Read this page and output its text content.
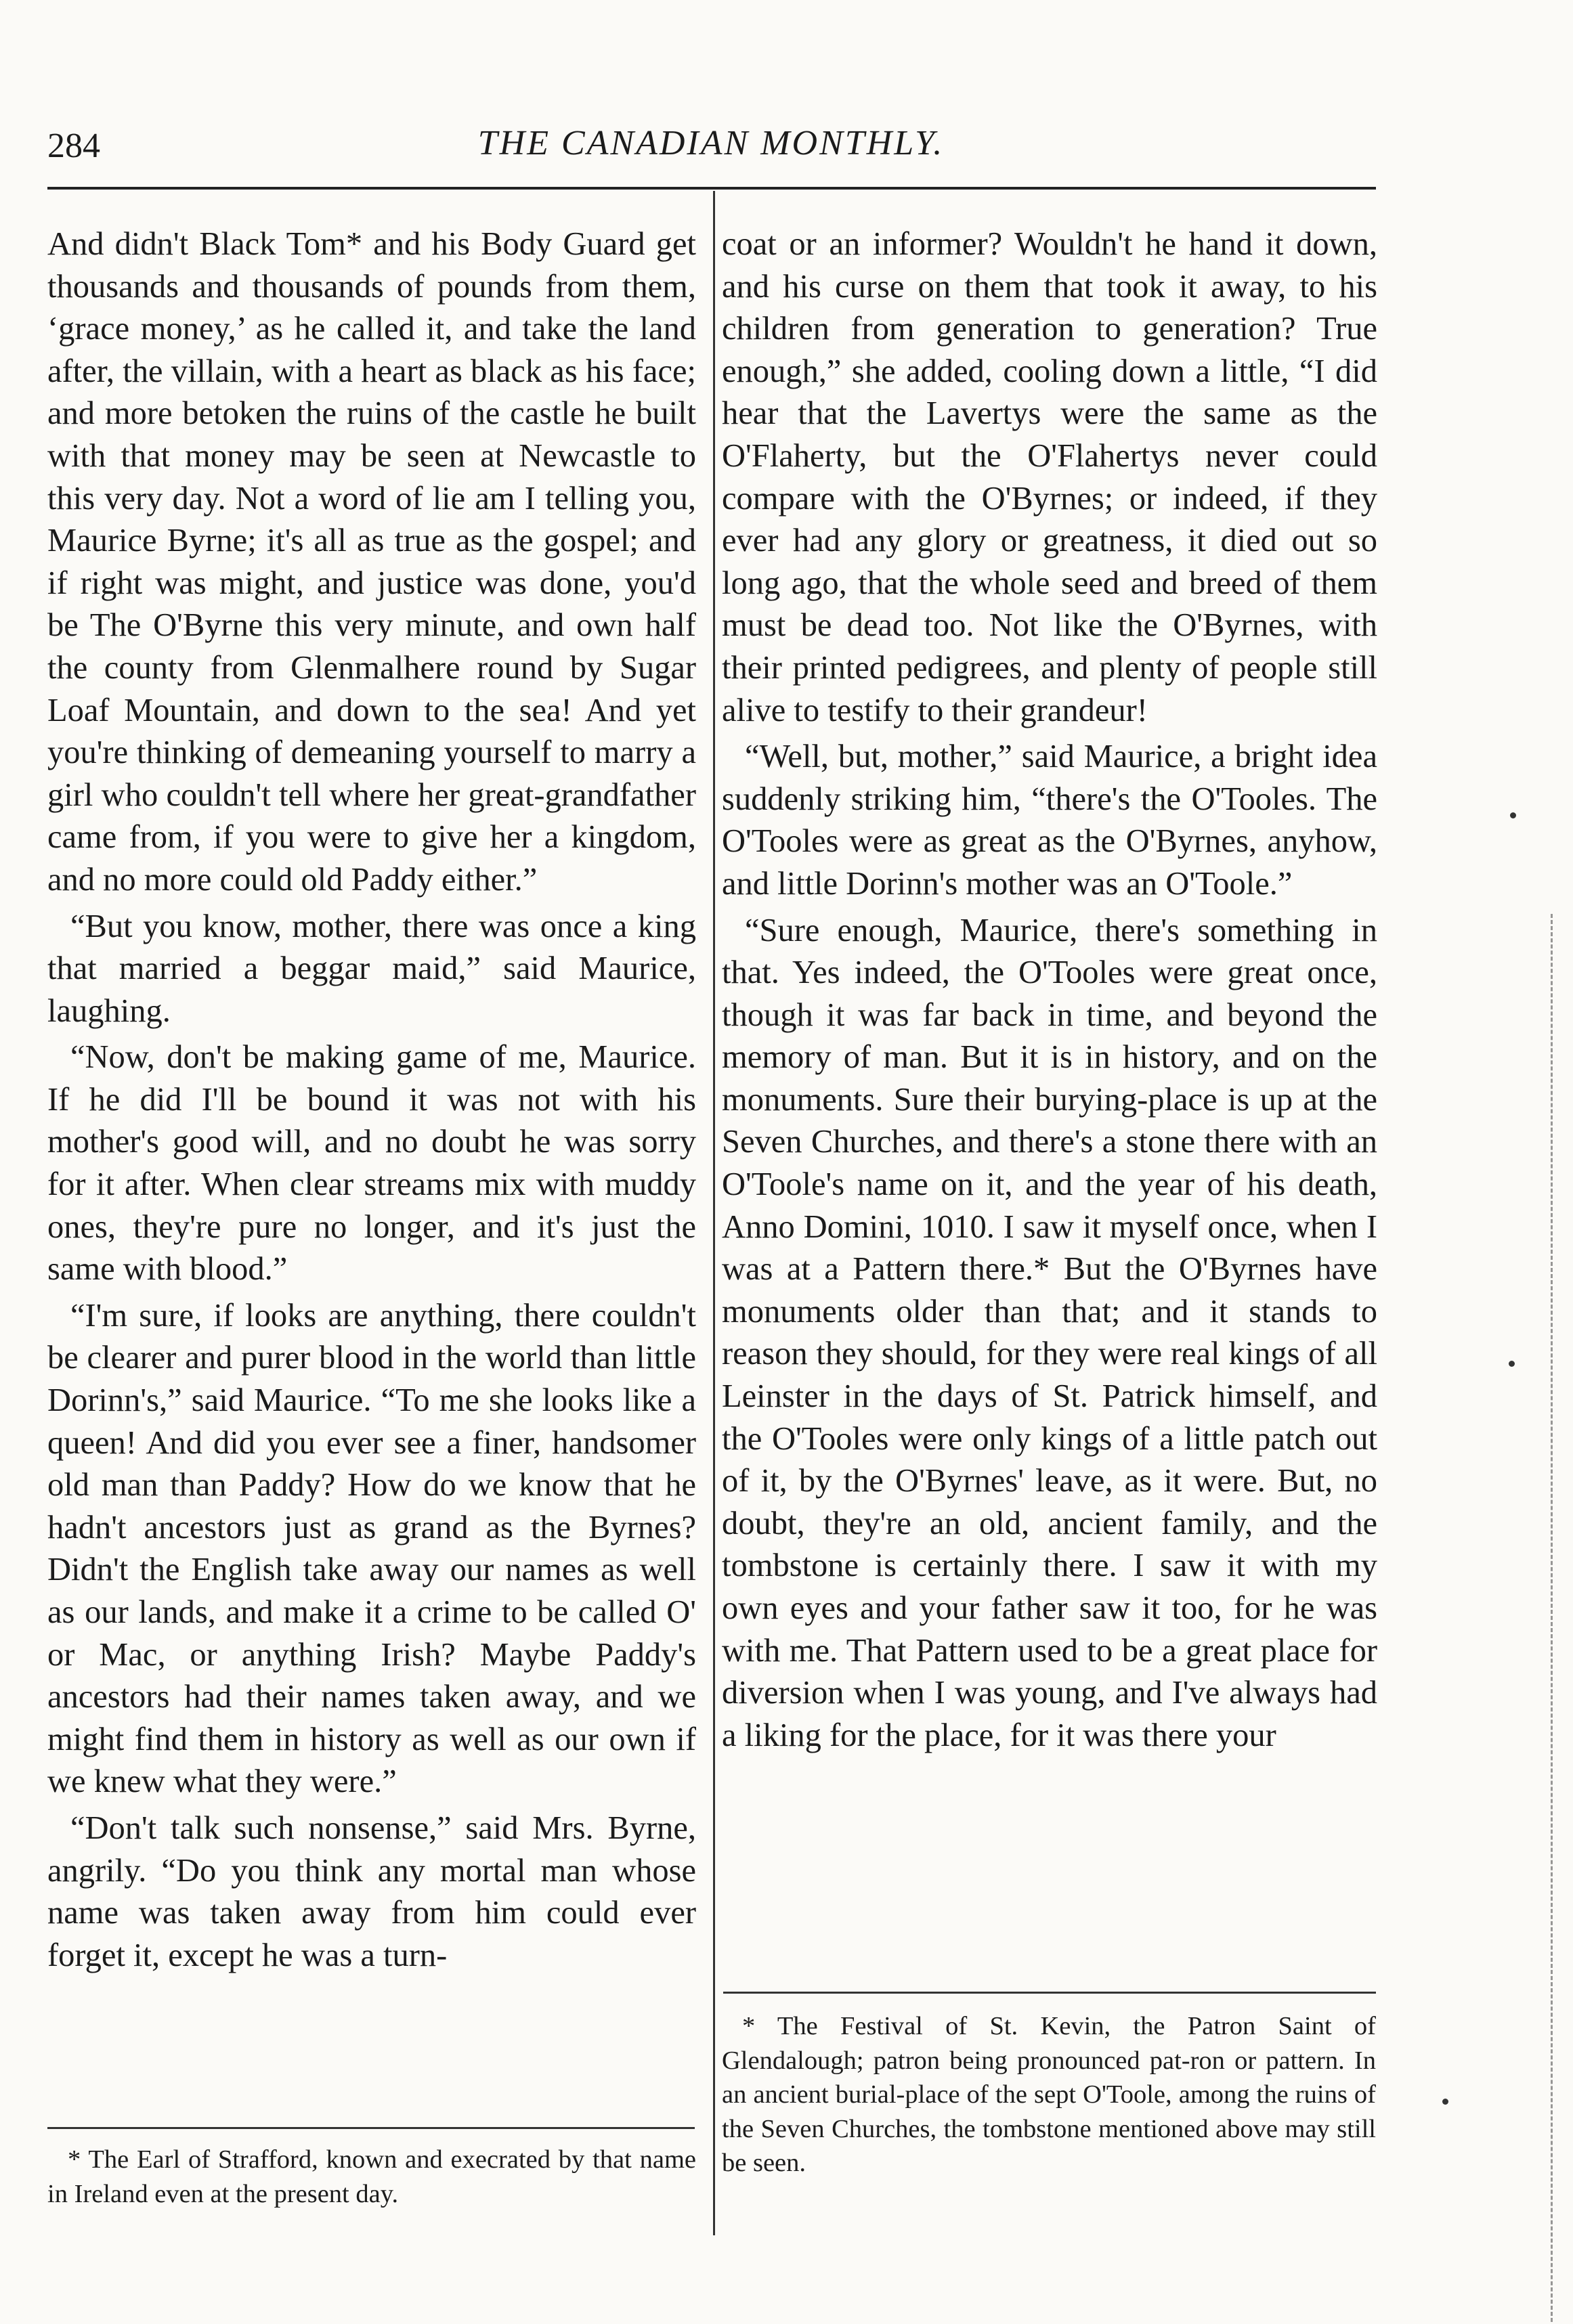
284	THE CANADIAN MONTHLY.

And didn't Black Tom* and his Body Guard get thousands and thousands of pounds from them, ‘grace money,’ as he called it, and take the land after, the villain, with a heart as black as his face; and more betoken the ruins of the castle he built with that money may be seen at Newcastle to this very day. Not a word of lie am I telling you, Maurice Byrne; it's all as true as the gospel; and if right was might, and justice was done, you'd be The O'Byrne this very minute, and own half the county from Glenmalhere round by Sugar Loaf Mountain, and down to the sea! And yet you're thinking of demeaning yourself to marry a girl who couldn't tell where her great-grandfather came from, if you were to give her a kingdom, and no more could old Paddy either.”

“But you know, mother, there was once a king that married a beggar maid,” said Maurice, laughing.

“Now, don't be making game of me, Maurice. If he did I'll be bound it was not with his mother's good will, and no doubt he was sorry for it after. When clear streams mix with muddy ones, they're pure no longer, and it's just the same with blood.”

“I'm sure, if looks are anything, there couldn't be clearer and purer blood in the world than little Dorinn's,” said Maurice. “To me she looks like a queen! And did you ever see a finer, handsomer old man than Paddy? How do we know that he hadn't ancestors just as grand as the Byrnes? Didn't the English take away our names as well as our lands, and make it a crime to be called O' or Mac, or anything Irish? Maybe Paddy's ancestors had their names taken away, and we might find them in history as well as our own if we knew what they were.”

“Don't talk such nonsense,” said Mrs. Byrne, angrily. “Do you think any mortal man whose name was taken away from him could ever forget it, except he was a turn-

coat or an informer? Wouldn't he hand it down, and his curse on them that took it away, to his children from generation to generation? True enough,” she added, cooling down a little, “I did hear that the Lavertys were the same as the O'Flaherty, but the O'Flahertys never could compare with the O'Byrnes; or indeed, if they ever had any glory or greatness, it died out so long ago, that the whole seed and breed of them must be dead too. Not like the O'Byrnes, with their printed pedigrees, and plenty of people still alive to testify to their grandeur!

“Well, but, mother,” said Maurice, a bright idea suddenly striking him, “there's the O'Tooles. The O'Tooles were as great as the O'Byrnes, anyhow, and little Dorinn's mother was an O'Toole.”

“Sure enough, Maurice, there's something in that. Yes indeed, the O'Tooles were great once, though it was far back in time, and beyond the memory of man. But it is in history, and on the monuments. Sure their burying-place is up at the Seven Churches, and there's a stone there with an O'Toole's name on it, and the year of his death, Anno Domini, 1010. I saw it myself once, when I was at a Pattern there.* But the O'Byrnes have monuments older than that; and it stands to reason they should, for they were real kings of all Leinster in the days of St. Patrick himself, and the O'Tooles were only kings of a little patch out of it, by the O'Byrnes' leave, as it were. But, no doubt, they're an old, ancient family, and the tombstone is certainly there. I saw it with my own eyes and your father saw it too, for he was with me. That Pattern used to be a great place for diversion when I was young, and I've always had a liking for the place, for it was there your

* The Earl of Strafford, known and execrated by that name in Ireland even at the present day.
* The Festival of St. Kevin, the Patron Saint of Glendalough; patron being pronounced pat-ron or pattern. In an ancient burial-place of the sept O'Toole, among the ruins of the Seven Churches, the tombstone mentioned above may still be seen.
